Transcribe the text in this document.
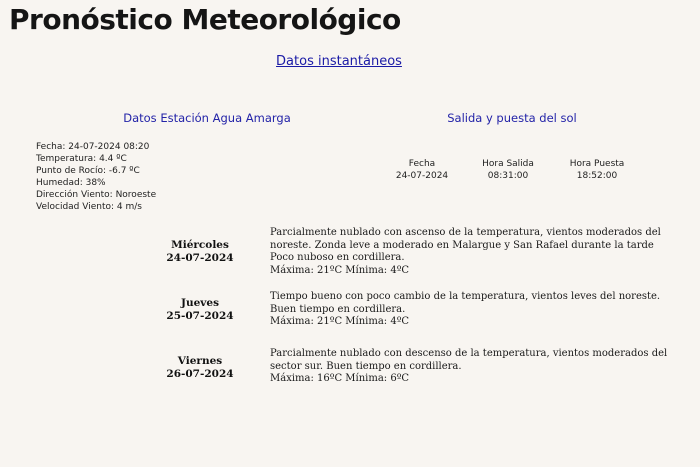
Pronóstico Meteorológico
Datos instantáneos
Datos Estación Agua Amarga	Salida y puesta del sol
Fecha: 24-07-2024 08:20
Temperatura: 4.4 ºC
Punto de Rocío: -6.7 ºC
Humedad: 38%
Dirección Viento: Noroeste
Velocidad Viento: 4 m/s
Fecha
24-07-2024
Hora Salida
08:31:00
Hora Puesta
18:52:00
Miércoles
24-07-2024
Parcialmente nublado con ascenso de la temperatura, vientos moderados del noreste. Zonda leve a moderado en Malargue y San Rafael durante la tarde Poco nuboso en cordillera.
Máxima: 21ºC Mínima: 4ºC
Jueves
25-07-2024
Tiempo bueno con poco cambio de la temperatura, vientos leves del noreste. Buen tiempo en cordillera.
Máxima: 21ºC Mínima: 4ºC
Viernes
26-07-2024
Parcialmente nublado con descenso de la temperatura, vientos moderados del sector sur. Buen tiempo en cordillera.
Máxima: 16ºC Mínima: 6ºC
